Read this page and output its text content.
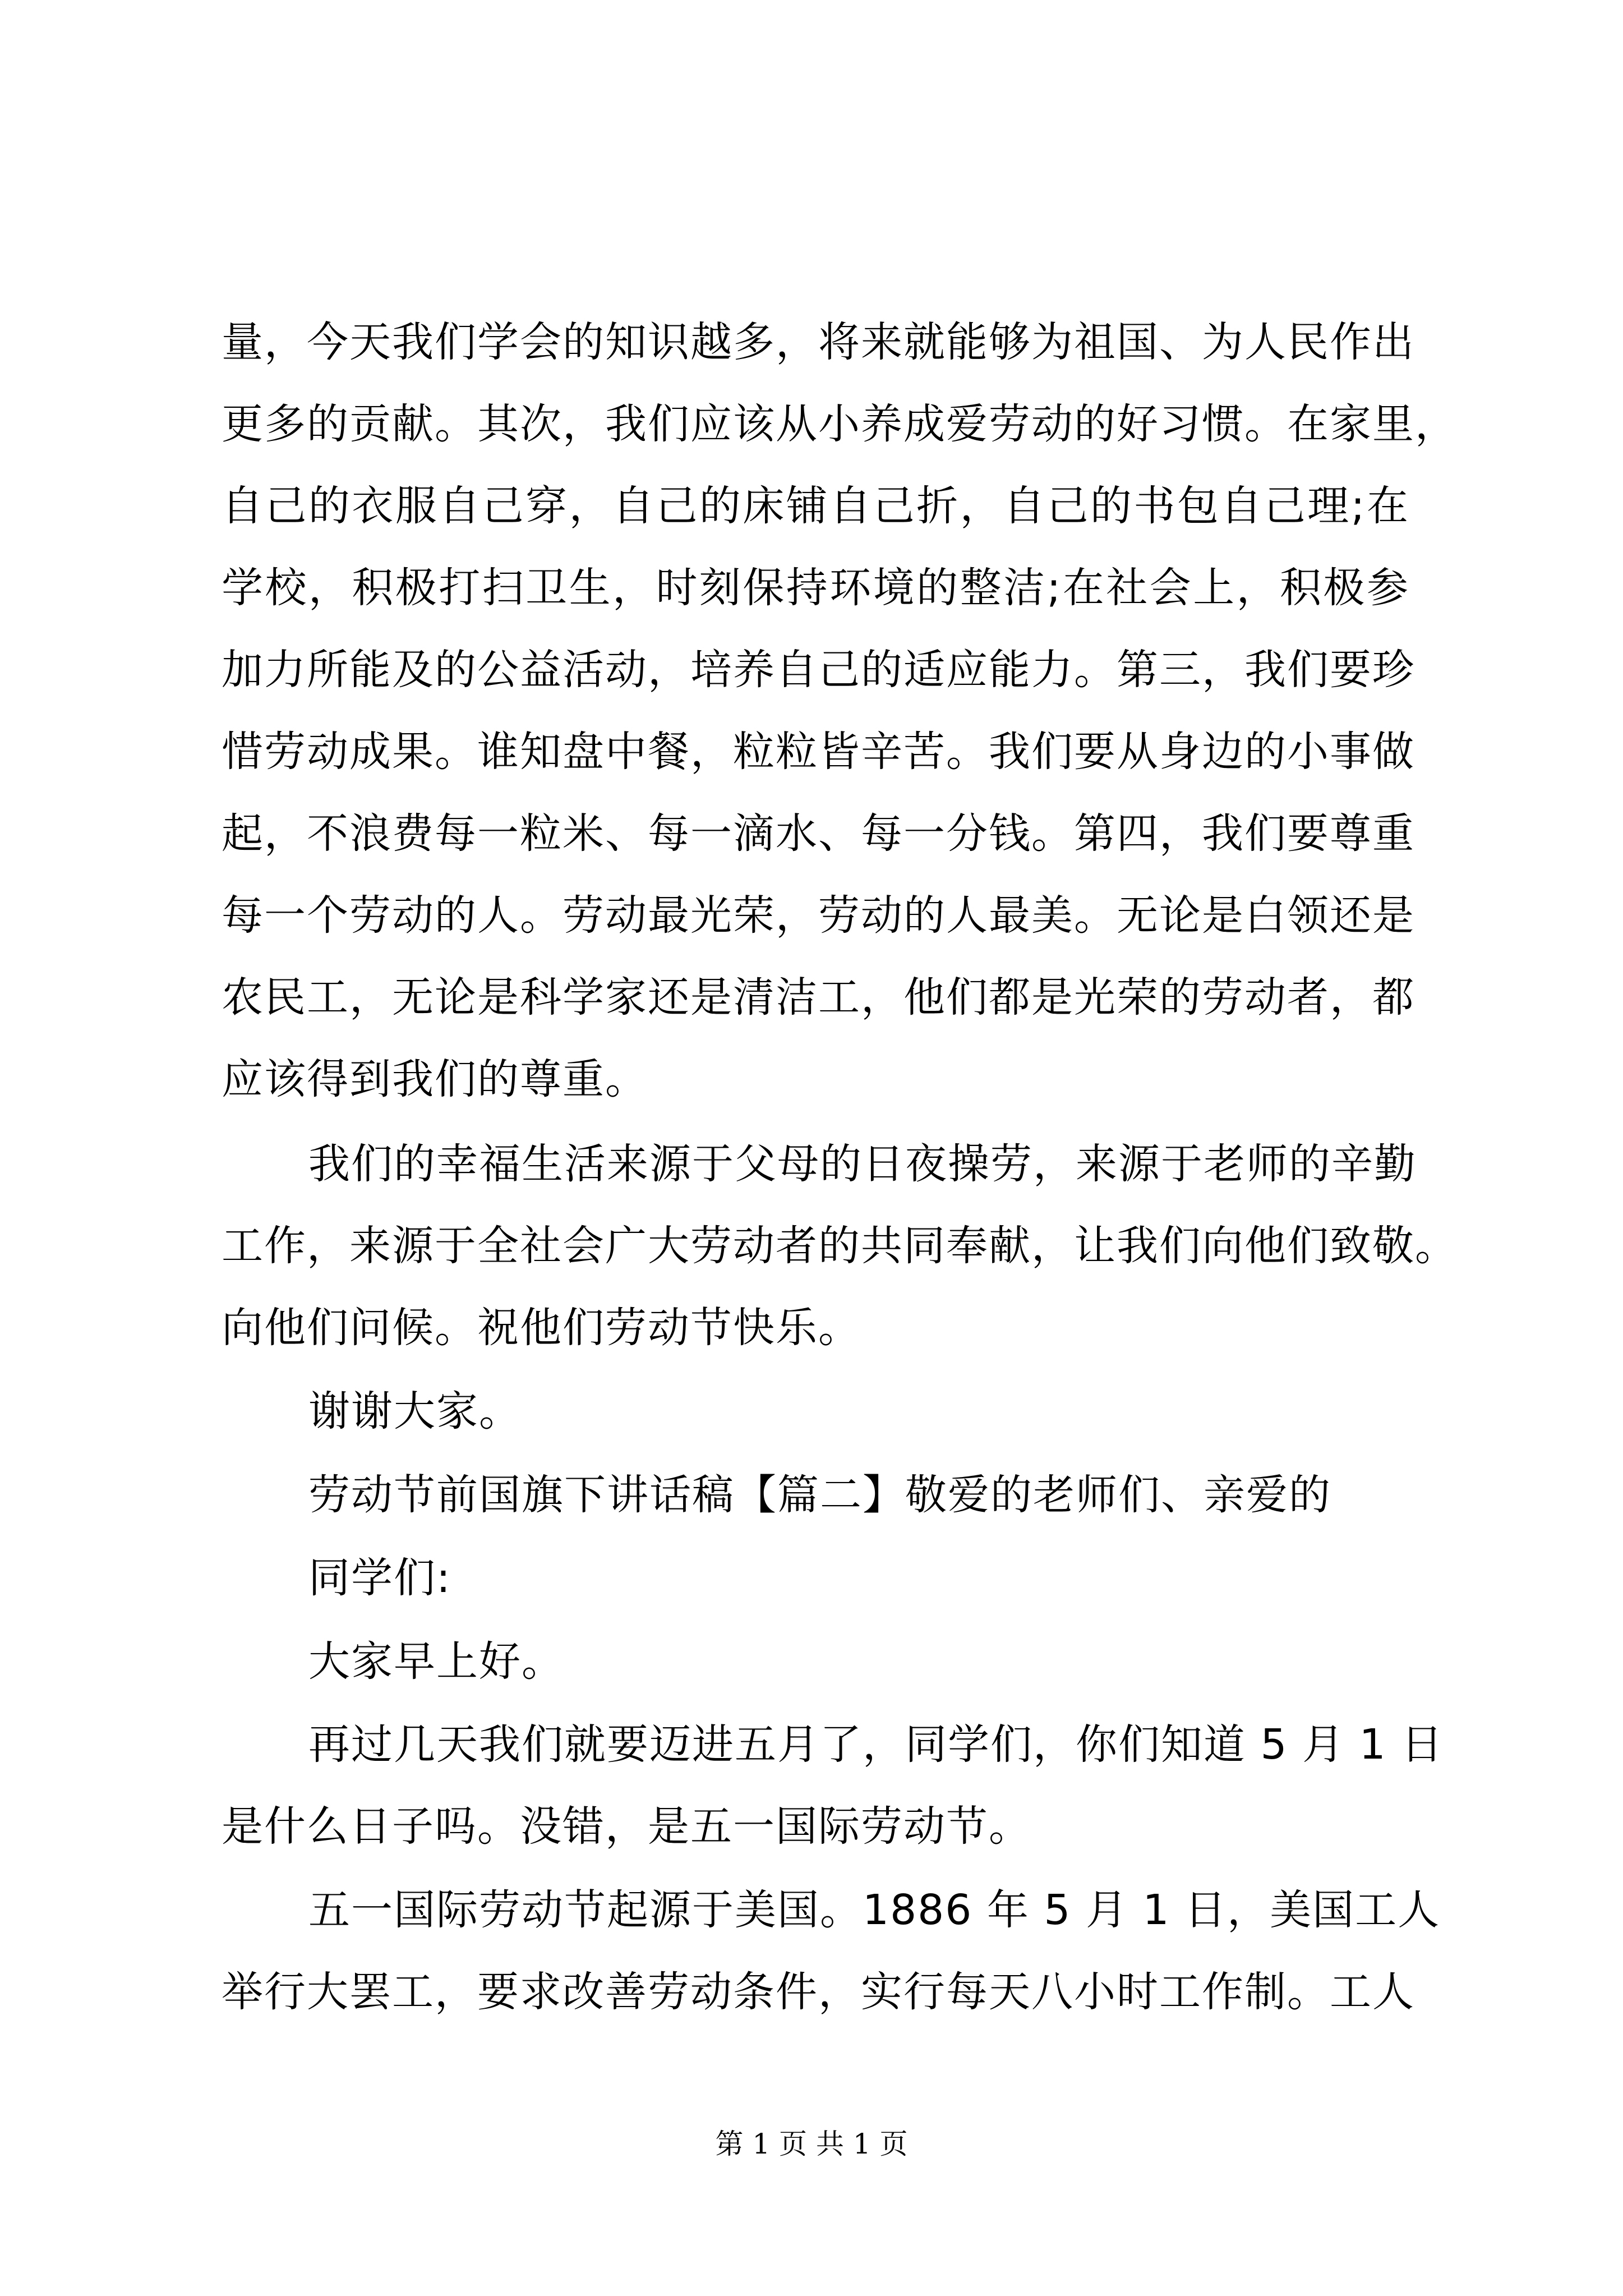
量，今天我们学会的知识越多，将来就能够为祖国、为人民作出
更多的贡献。其次，我们应该从小养成爱劳动的好习惯。在家里，
自己的衣服自己穿，自己的床铺自己折，自己的书包自己理;在
学校，积极打扫卫生，时刻保持环境的整洁;在社会上，积极参
加力所能及的公益活动，培养自己的适应能力。第三，我们要珍
惜劳动成果。谁知盘中餐，粒粒皆辛苦。我们要从身边的小事做
起，不浪费每一粒米、每一滴水、每一分钱。第四，我们要尊重
每一个劳动的人。劳动最光荣，劳动的人最美。无论是白领还是
农民工，无论是科学家还是清洁工，他们都是光荣的劳动者，都
应该得到我们的尊重。
我们的幸福生活来源于父母的日夜操劳，来源于老师的辛勤
工作，来源于全社会广大劳动者的共同奉献，让我们向他们致敬。
向他们问候。祝他们劳动节快乐。
谢谢大家。
劳动节前国旗下讲话稿【篇二】敬爱的老师们、亲爱的
同学们:
大家早上好。
再过几天我们就要迈进五月了，同学们，你们知道 5 月 1 日
是什么日子吗。没错，是五一国际劳动节。
五一国际劳动节起源于美国。1886 年 5 月 1 日，美国工人
举行大罢工，要求改善劳动条件，实行每天八小时工作制。工人
第 1 页 共 1 页
